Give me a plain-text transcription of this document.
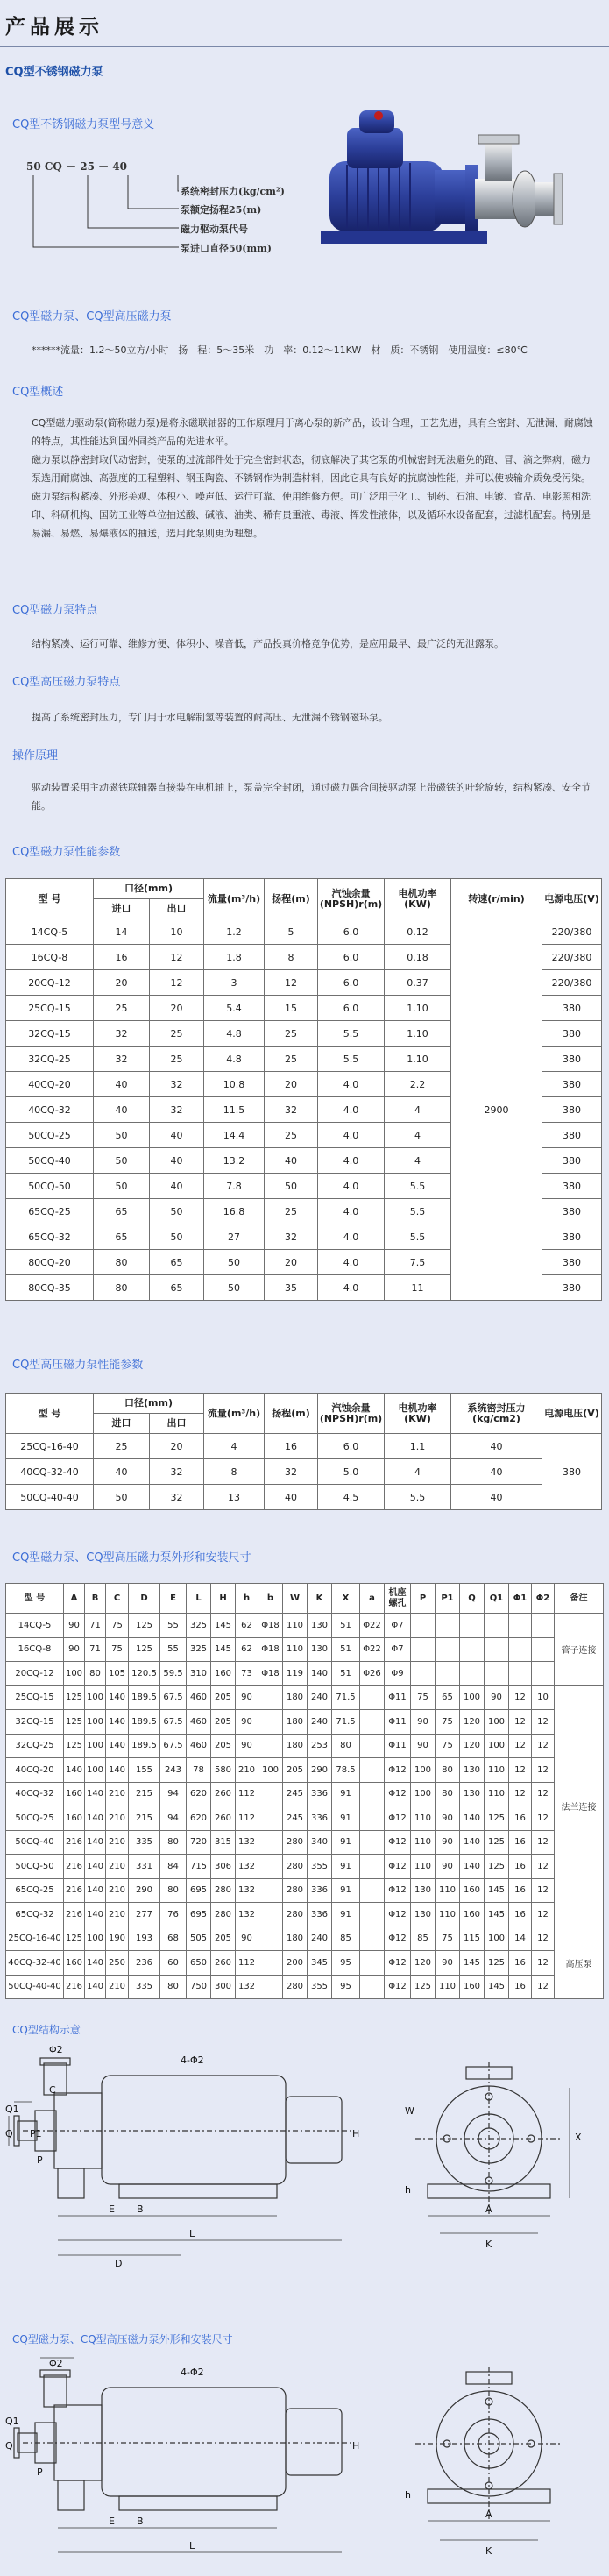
产品展示
CQ型不锈钢磁力泵
CQ型不锈钢磁力泵型号意义
50 CQ － 25 － 40
系统密封压力(kg/cm²)
泵额定扬程25(m)
磁力驱动泵代号
泵进口直径50(mm)
CQ型磁力泵、CQ型高压磁力泵
******流量：1.2～50立方/小时　扬　程：5～35米　功　率：0.12～11KW　材　质：不锈钢　使用温度：≤80℃
CQ型概述
CQ型磁力驱动泵(简称磁力泵)是将永磁联轴器的工作原理用于离心泵的新产品，设计合理，工艺先进，具有全密封、无泄漏、耐腐蚀的特点，其性能达到国外同类产品的先进水平。
磁力泵以静密封取代动密封，使泵的过流部件处于完全密封状态，彻底解决了其它泵的机械密封无法避免的跑、冒、滴之弊病，磁力泵选用耐腐蚀、高强度的工程塑料、钢玉陶瓷、不锈钢作为制造材料，因此它具有良好的抗腐蚀性能，并可以使被输介质免受污染。
磁力泵结构紧凑、外形美观、体积小、噪声低、运行可靠、使用维修方便。可广泛用于化工、制药、石油、电镀、食品、电影照相洗印、科研机构、国防工业等单位抽送酸、碱液、油类、稀有贵重液、毒液、挥发性液体，以及循环水设备配套，过滤机配套。特别是易漏、易燃、易爆液体的抽送，选用此泵则更为理想。
CQ型磁力泵特点
结构紧凑、运行可靠、维修方便、体积小、噪音低，产品投真价格竞争优势，是应用最早、最广泛的无泄露泵。
CQ型高压磁力泵特点
提高了系统密封压力，专门用于水电解制氢等装置的耐高压、无泄漏不锈钢磁环泵。
操作原理
驱动装置采用主动磁铁联轴器直接装在电机轴上，泵盖完全封闭，通过磁力偶合间接驱动泵上带磁铁的叶轮旋转，结构紧凑、安全节能。
CQ型磁力泵性能参数
型 号	口径(mm)		流量(m³/h)	扬程(m)	汽蚀余量(NPSH)r(m)	电机功率(KW)	转速(r/min)	电源电压(V)
	进口	出口						
14CQ-5	14	10	1.2	5	6.0	0.12	2900	220/380
16CQ-8	16	12	1.8	8	6.0	0.18		220/380
20CQ-12	20	12	3	12	6.0	0.37		220/380
25CQ-15	25	20	5.4	15	6.0	1.10		380
32CQ-15	32	25	4.8	25	5.5	1.10		380
32CQ-25	32	25	4.8	25	5.5	1.10		380
40CQ-20	40	32	10.8	20	4.0	2.2		380
40CQ-32	40	32	11.5	32	4.0	4		380
50CQ-25	50	40	14.4	25	4.0	4		380
50CQ-40	50	40	13.2	40	4.0	4		380
50CQ-50	50	40	7.8	50	4.0	5.5		380
65CQ-25	65	50	16.8	25	4.0	5.5		380
65CQ-32	65	50	27	32	4.0	5.5		380
80CQ-20	80	65	50	20	4.0	7.5		380
80CQ-35	80	65	50	35	4.0	11		380
CQ型高压磁力泵性能参数
型 号	口径(mm)		流量(m³/h)	扬程(m)	汽蚀余量(NPSH)r(m)	电机功率(KW)	系统密封压力(kg/cm2)	电源电压(V)
	进口	出口						
25CQ-16-40	25	20	4	16	6.0	1.1	40	380
40CQ-32-40	40	32	8	32	5.0	4	40	
50CQ-40-40	50	32	13	40	4.5	5.5	40	
CQ型磁力泵、CQ型高压磁力泵外形和安装尺寸
型 号	A	B	C	D	E	L	H	h	b	W	K	X	a	机座螺孔	P	P1	Q	Q1	Φ1	Φ2	备注
14CQ-5	90	71	75	125	55	325	145	62	Φ18	110	130	51	Φ22	Φ7							管子连接
16CQ-8	90	71	75	125	55	325	145	62	Φ18	110	130	51	Φ22	Φ7							
20CQ-12	100	80	105	120.5	59.5	310	160	73	Φ18	119	140	51	Φ26	Φ9							
25CQ-15	125	100	140	189.5	67.5	460	205	90		180	240	71.5		Φ11	75	65	100	90	12	10	法兰连接
32CQ-15	125	100	140	189.5	67.5	460	205	90		180	240	71.5		Φ11	90	75	120	100	12	12	
32CQ-25	125	100	140	189.5	67.5	460	205	90		180	253	80		Φ11	90	75	120	100	12	12	
40CQ-20	140	100	140	155	243	78	580	210	100	205	290	78.5		Φ12	100	80	130	110	12	12	
40CQ-32	160	140	210	215	94	620	260	112		245	336	91		Φ12	100	80	130	110	12	12	
50CQ-25	160	140	210	215	94	620	260	112		245	336	91		Φ12	110	90	140	125	16	12	
50CQ-40	216	140	210	335	80	720	315	132		280	340	91		Φ12	110	90	140	125	16	12	
50CQ-50	216	140	210	331	84	715	306	132		280	355	91		Φ12	110	90	140	125	16	12	
65CQ-25	216	140	210	290	80	695	280	132		280	336	91		Φ12	130	110	160	145	16	12	
65CQ-32	216	140	210	277	76	695	280	132		280	336	91		Φ12	130	110	160	145	16	12	
25CQ-16-40	125	100	190	193	68	505	205	90		180	240	85		Φ12	85	75	115	100	14	12	高压泵
40CQ-32-40	160	140	250	236	60	650	260	112		200	345	95		Φ12	120	90	145	125	16	12	
50CQ-40-40	216	140	210	335	80	750	300	132		280	355	95		Φ12	125	110	160	145	16	12	
CQ型结构示意
Φ2
4-Φ2
C
Q1
Q P1
P
H
E B
L
D
A
K
X
W
h
CQ型磁力泵、CQ型高压磁力泵外形和安装尺寸
Φ2
4-Φ2
Q1
Q
P
H
E B
L
A
K
h
